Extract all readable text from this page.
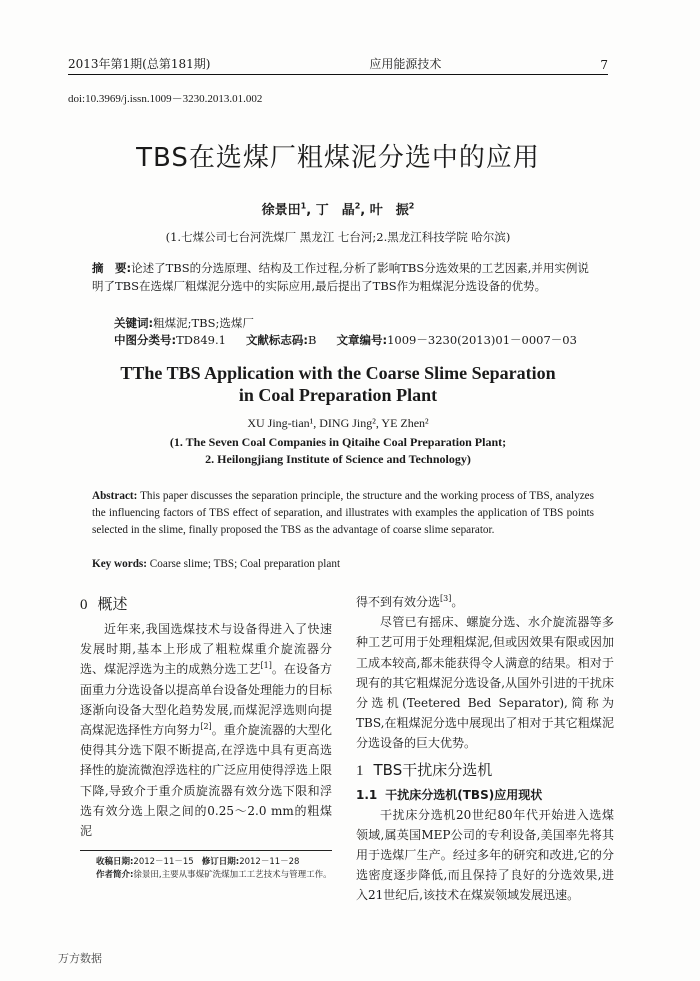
2013年第1期(总第181期)	应用能源技术	7
doi:10.3969/j.issn.1009－3230.2013.01.002
TBS在选煤厂粗煤泥分选中的应用
徐景田$^1$, 丁　晶$^2$, 叶　振$^2$
(1.七煤公司七台河洗煤厂 黑龙江 七台河;2.黑龙江科技学院 哈尔滨)
摘　要:论述了TBS的分选原理、结构及工作过程,分析了影响TBS分选效果的工艺因素,并用实例说明了TBS在选煤厂粗煤泥分选中的实际应用,最后提出了TBS作为粗煤泥分选设备的优势。
关键词:粗煤泥;TBS;选煤厂
中图分类号:TD849.1 文献标志码:B 文章编号:1009－3230(2013)01－0007－03
TThe TBS Application with the Coarse Slime Separation
in Coal Preparation Plant
XU Jing-tian¹, DING Jing², YE Zhen²
(1. The Seven Coal Companies in Qitaihe Coal Preparation Plant;
2. Heilongjiang Institute of Science and Technology)
Abstract: This paper discusses the separation principle, the structure and the working process of TBS, analyzes the influencing factors of TBS effect of separation, and illustrates with examples the application of TBS points selected in the slime, finally proposed the TBS as the advantage of coarse slime separator.
Key words: Coarse slime; TBS; Coal preparation plant
0 概述

近年来,我国选煤技术与设备得进入了快速发展时期,基本上形成了粗粒煤重介旋流器分选、煤泥浮选为主的成熟分选工艺[1]。在设备方面重力分选设备以提高单台设备处理能力的目标逐渐向设备大型化趋势发展,而煤泥浮选则向提高煤泥选择性方向努力[2]。重介旋流器的大型化使得其分选下限不断提高,在浮选中具有更高选择性的旋流微泡浮选柱的广泛应用使得浮选上限下降,导致介于重介质旋流器有效分选下限和浮选有效分选上限之间的0.25～2.0 mm的粗煤泥

收稿日期:2012－11－15 修订日期:2012－11－28
作者简介:徐景田,主要从事煤矿洗煤加工工艺技术与管理工作。

得不到有效分选[3]。

尽管已有摇床、螺旋分选、水介旋流器等多种工艺可用于处理粗煤泥,但或因效果有限或因加工成本较高,都未能获得令人满意的结果。相对于现有的其它粗煤泥分选设备,从国外引进的干扰床分选机(Teetered Bed Separator),简称为TBS,在粗煤泥分选中展现出了相对于其它粗煤泥分选设备的巨大优势。

1 TBS干扰床分选机
1.1 干扰床分选机(TBS)应用现状

干扰床分选机20世纪80年代开始进入选煤领域,属英国MEP公司的专利设备,美国率先将其用于选煤厂生产。经过多年的研究和改进,它的分选密度逐步降低,而且保持了良好的分选效果,进入21世纪后,该技术在煤炭领域发展迅速。

万方数据
